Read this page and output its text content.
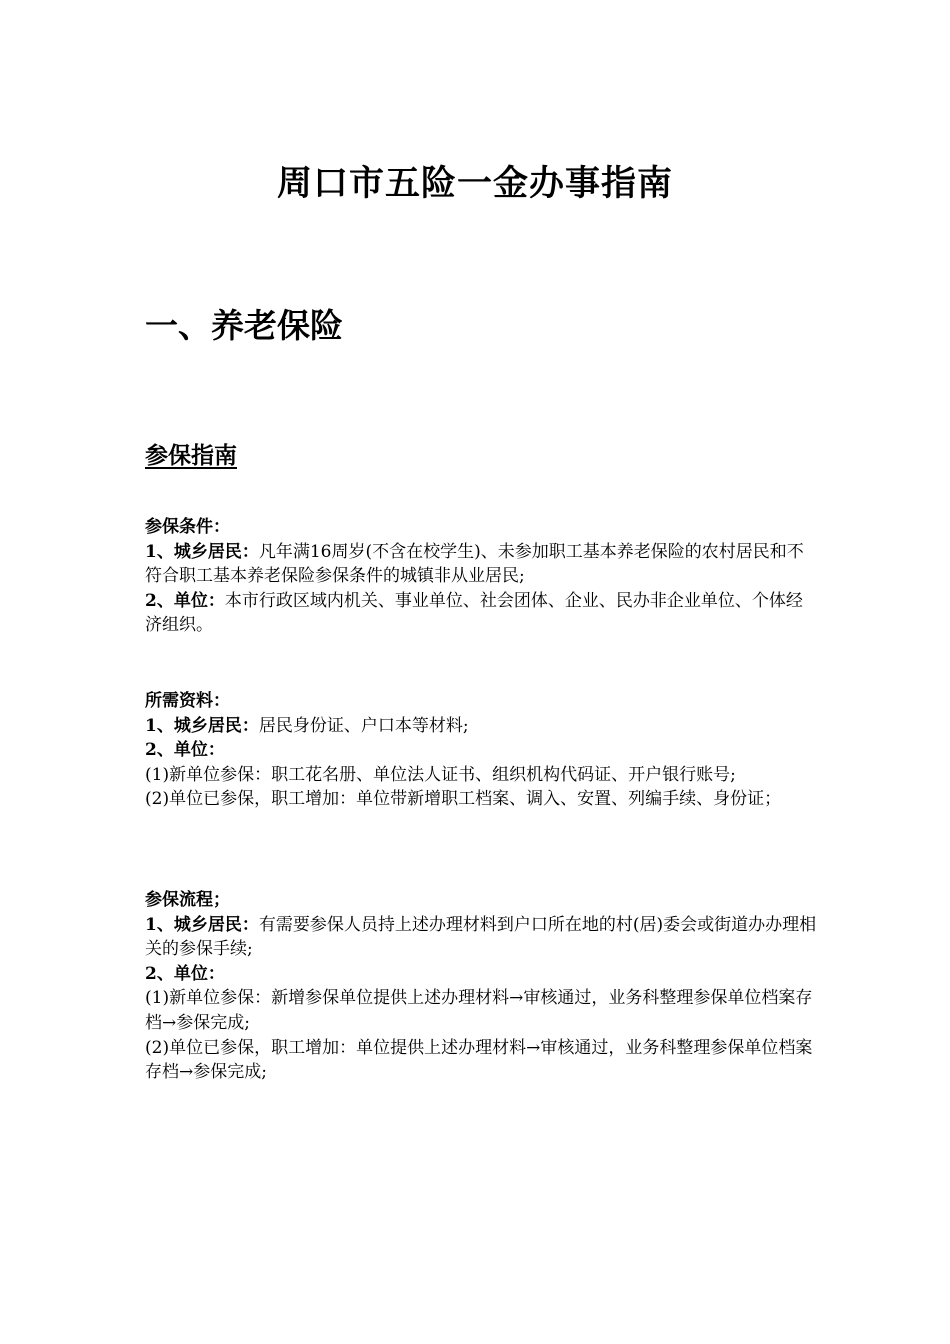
周口市五险一金办事指南
一、养老保险
参保指南

参保条件：

1、城乡居民：凡年满16周岁(不含在校学生)、未参加职工基本养老保险的农村居民和不符合职工基本养老保险参保条件的城镇非从业居民;

2、单位：本市行政区域内机关、事业单位、社会团体、企业、民办非企业单位、个体经济组织。

所需资料：

1、城乡居民：居民身份证、户口本等材料;

2、单位：

(1)新单位参保：职工花名册、单位法人证书、组织机构代码证、开户银行账号;

(2)单位已参保，职工增加：单位带新增职工档案、调入、安置、列编手续、身份证；

参保流程；

1、城乡居民：有需要参保人员持上述办理材料到户口所在地的村(居)委会或街道办办理相关的参保手续;

2、单位：

(1)新单位参保：新增参保单位提供上述办理材料→审核通过，业务科整理参保单位档案存档→参保完成;

(2)单位已参保，职工增加：单位提供上述办理材料→审核通过，业务科整理参保单位档案存档→参保完成;
